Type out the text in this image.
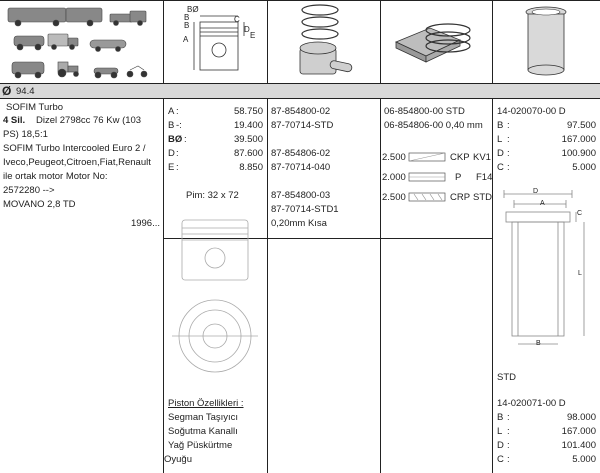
BØ
B
B
A
C
D
E
Ø 94.4
SOFIM Turbo
4 Sil. Dizel 2798cc 76 Kw (103
PS) 18,5:1
SOFIM Turbo Intercooled Euro 2 /
Iveco,Peugeot,Citroen,Fiat,Renault
ile ortak motor Motor No:
2572280 -->
MOVANO 2,8 TD
1996...
A :	58.750
B -:	19.400
BØ :	39.500
D :	87.600
E :	8.850
Pim: 32 x 72
Piston Özellikleri :
Segman Taşıyıcı
Soğutma Kanallı
Yağ Püskürtme
Oyuğu
87-854800-02
87-70714-STD
87-854806-02
87-70714-040
87-854800-03
87-70714-STD1
0,20mm Kısa
06-854800-00 STD
06-854806-00 0,40 mm
2.500	CKP KV1
2.000	P F14
2.500	CRP STD
14-020070-00 D
B :	97.500
L :	167.000
D :	100.900
C :	5.000
D
A
C
L
B
STD
14-020071-00 D
B :	98.000
L :	167.000
D :	101.400
C :	5.000
